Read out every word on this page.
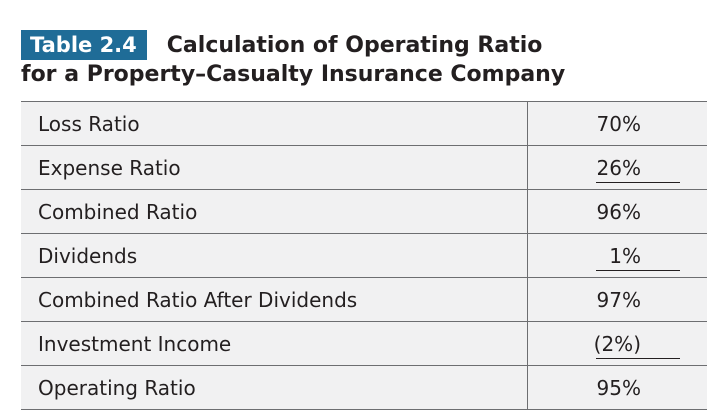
Table 2.4	Calculation of Operating Ratio
for a Property–Casualty Insurance Company
Loss Ratio	70%
Expense Ratio	26%

Combined Ratio	96%
Dividends	1%

Combined Ratio After Dividends	97%
Investment Income	(2%)

Operating Ratio	95%
